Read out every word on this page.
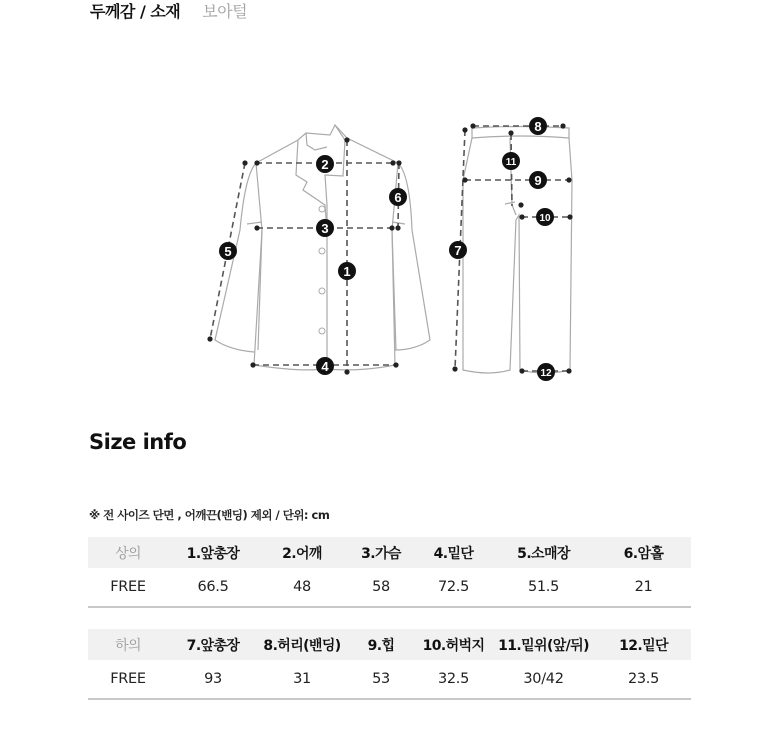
두께감 / 소재 보아털
1
2
3
4
5
6
7
8
9
10
11
12
Size info
※ 전 사이즈 단면 , 어깨끈(밴딩) 제외 / 단위: cm
상의	1.앞총장	2.어깨	3.가슴	4.밑단	5.소매장	6.암홀
FREE	66.5	48	58	72.5	51.5	21
하의	7.앞총장	8.허리(밴딩)	9.힙	10.허벅지	11.밑위(앞/뒤)	12.밑단
FREE	93	31	53	32.5	30/42	23.5
